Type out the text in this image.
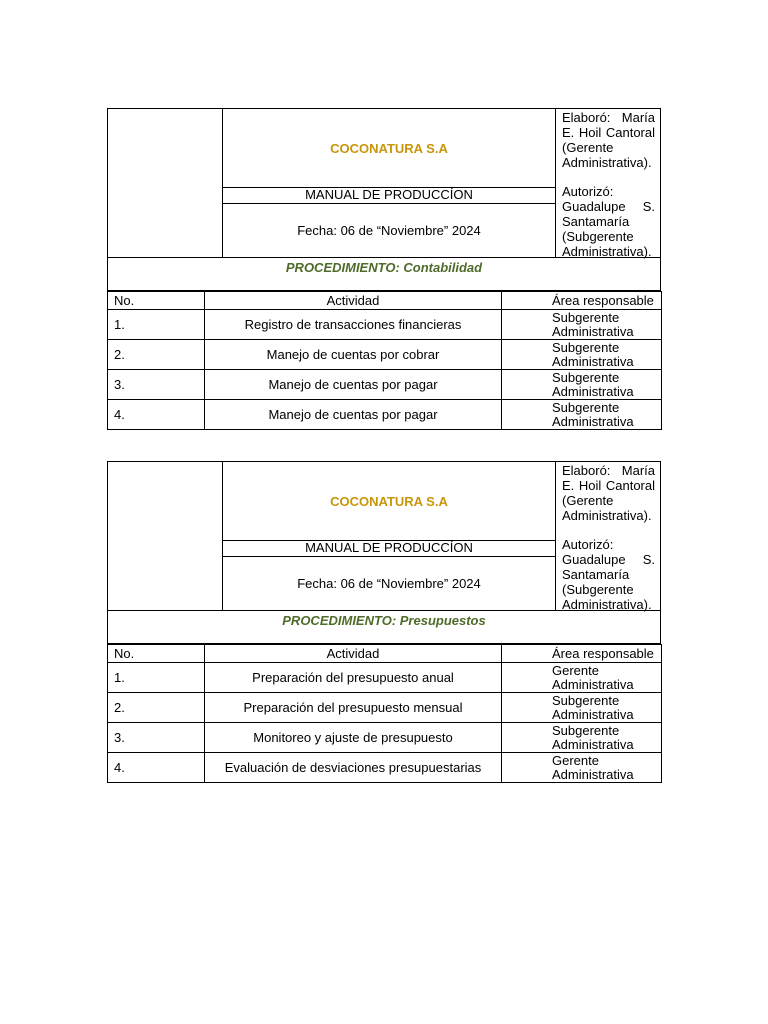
COCONATURA S.A
MANUAL DE PRODUCCÍON
Fecha: 06 de “Noviembre” 2024

Elaboró: María E. Hoil Cantoral (Gerente Administrativa).

Autorizó: Guadalupe S. Santamaría (Subgerente Administrativa).

PROCEDIMIENTO: Contabilidad
No.	Actividad	Área responsable
1.	Registro de transacciones financieras	Subgerente Administrativa
2.	Manejo de cuentas por cobrar	Subgerente Administrativa
3.	Manejo de cuentas por pagar	Subgerente Administrativa
4.	Manejo de cuentas por pagar	Subgerente Administrativa
COCONATURA S.A
MANUAL DE PRODUCCÍON
Fecha: 06 de “Noviembre” 2024

Elaboró: María E. Hoil Cantoral (Gerente Administrativa).

Autorizó: Guadalupe S. Santamaría (Subgerente Administrativa).

PROCEDIMIENTO: Presupuestos
No.	Actividad	Área responsable
1.	Preparación del presupuesto anual	Gerente Administrativa
2.	Preparación del presupuesto mensual	Subgerente Administrativa
3.	Monitoreo y ajuste de presupuesto	Subgerente Administrativa
4.	Evaluación de desviaciones presupuestarias	Gerente Administrativa
